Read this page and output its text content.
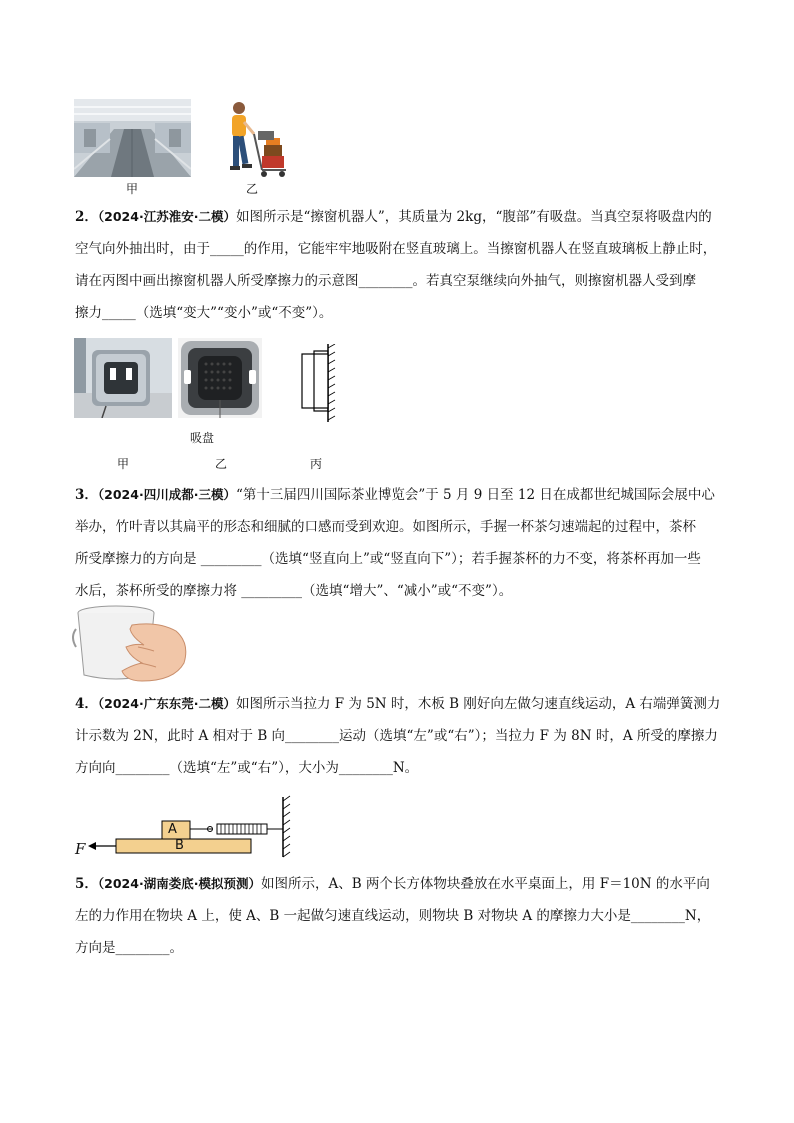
甲	乙

2．（2024·江苏淮安·二模）如图所示是“擦窗机器人”，其质量为 2kg，“腹部”有吸盘。当真空泵将吸盘内的

空气向外抽出时，由于_____的作用，它能牢牢地吸附在竖直玻璃上。当擦窗机器人在竖直玻璃板上静止时，

请在丙图中画出擦窗机器人所受摩擦力的示意图________。若真空泵继续向外抽气，则擦窗机器人受到摩

擦力_____（选填“变大”“变小”或“不变”）。

甲
吸盘
乙	丙

3．（2024·四川成都·三模）“第十三届四川国际茶业博览会”于 5 月 9 日至 12 日在成都世纪城国际会展中心

举办，竹叶青以其扁平的形态和细腻的口感而受到欢迎。如图所示，手握一杯茶匀速端起的过程中，茶杯

所受摩擦力的方向是 _________（选填“竖直向上”或“竖直向下”）；若手握茶杯的力不变，将茶杯再加一些

水后，茶杯所受的摩擦力将 _________（选填“增大”、“减小”或“不变”）。

4．（2024·广东东莞·二模）如图所示当拉力 F 为 5N 时，木板 B 刚好向左做匀速直线运动，A 右端弹簧测力

计示数为 2N，此时 A 相对于 B 向________运动（选填“左”或“右”）；当拉力 F 为 8N 时，A 所受的摩擦力

方向向________（选填“左”或“右”），大小为________N。

A
B
F

5．（2024·湖南娄底·模拟预测）如图所示，A、B 两个长方体物块叠放在水平桌面上，用 F＝10N 的水平向

左的力作用在物块 A 上，使 A、B 一起做匀速直线运动，则物块 B 对物块 A 的摩擦力大小是________N，

方向是________。
